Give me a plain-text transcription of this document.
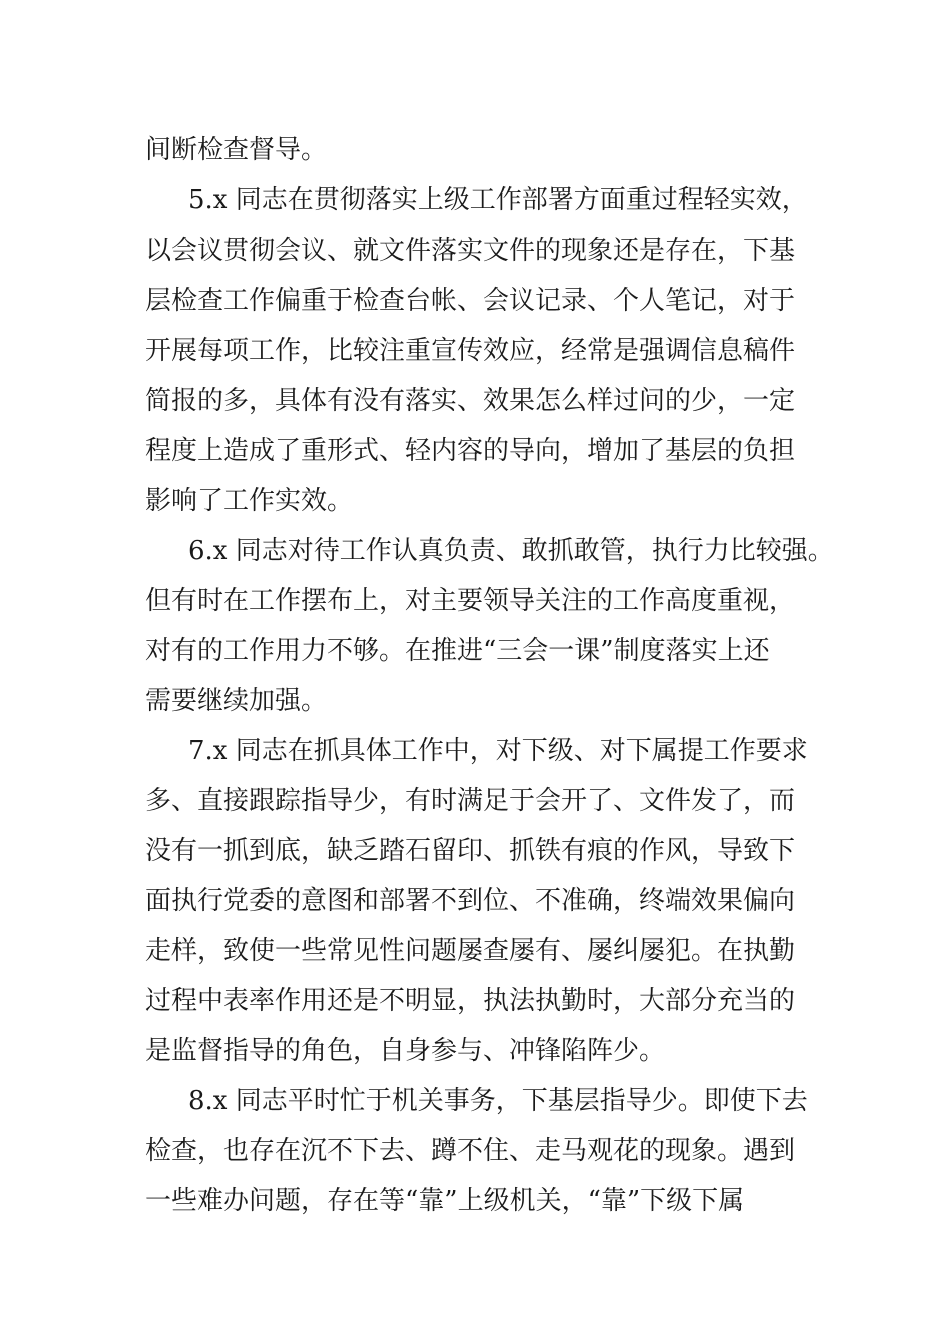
间断检查督导。
5.x 同志在贯彻落实上级工作部署方面重过程轻实效，
以会议贯彻会议、就文件落实文件的现象还是存在，下基
层检查工作偏重于检查台帐、会议记录、个人笔记，对于
开展每项工作，比较注重宣传效应，经常是强调信息稿件
简报的多，具体有没有落实、效果怎么样过问的少，一定
程度上造成了重形式、轻内容的导向，增加了基层的负担
影响了工作实效。
6.x 同志对待工作认真负责、敢抓敢管，执行力比较强。
但有时在工作摆布上，对主要领导关注的工作高度重视，
对有的工作用力不够。在推进“三会一课”制度落实上还
需要继续加强。
7.x 同志在抓具体工作中，对下级、对下属提工作要求
多、直接跟踪指导少，有时满足于会开了、文件发了，而
没有一抓到底，缺乏踏石留印、抓铁有痕的作风，导致下
面执行党委的意图和部署不到位、不准确，终端效果偏向
走样，致使一些常见性问题屡查屡有、屡纠屡犯。在执勤
过程中表率作用还是不明显，执法执勤时，大部分充当的
是监督指导的角色，自身参与、冲锋陷阵少。
8.x 同志平时忙于机关事务，下基层指导少。即使下去
检查，也存在沉不下去、蹲不住、走马观花的现象。遇到
一些难办问题，存在等“靠”上级机关，“靠”下级下属
